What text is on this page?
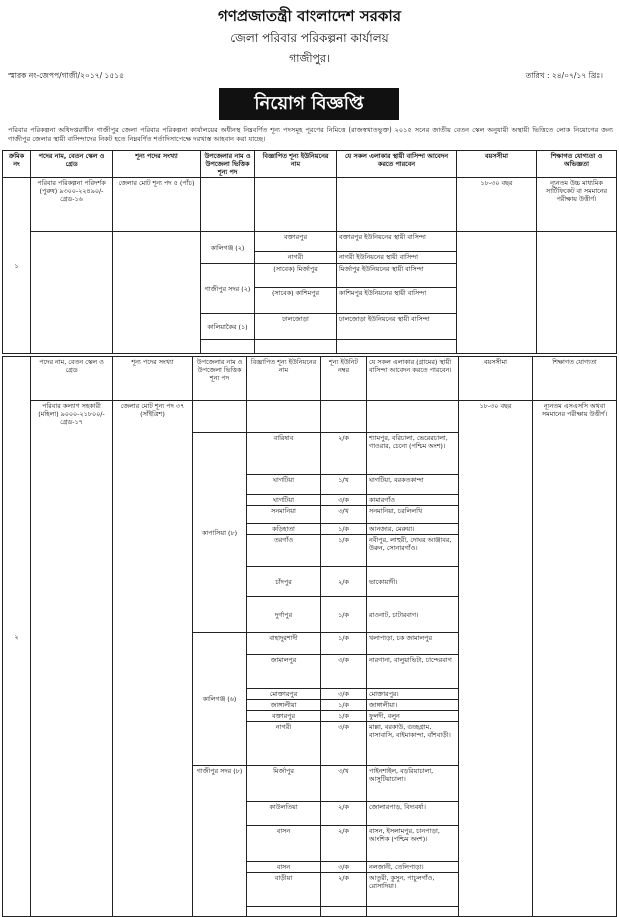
গণপ্রজাতন্ত্রী বাংলাদেশ সরকার
জেলা পরিবার পরিকল্পনা কার্যালয়
গাজীপুর।
স্মারক নং-জেপপ/গাজী/২০১৭/ ১৫১৫	তারিখ : ২৪/০৭/১৭ খ্রিঃ।
নিয়োগ বিজ্ঞপ্তি
পরিবার পরিকল্পনা অধিদপ্তরাধীন গাজীপুর জেলা পরিবার পরিকল্পনা কার্যালয়ের অধীনস্থ নিম্নবর্ণিত শূন্য পদসমূহ পূরণের নিমিত্তে (রাজস্বখাতভুক্ত) ২০১৫ সনের জাতীয় বেতন স্কেল অনুযায়ী অস্থায়ী ভিত্তিতে লোক নিয়োগের জন্য গাজীপুর জেলার স্থায়ী বাসিন্দাদের নিকট হতে নিম্নবর্ণিত শর্তাদিসাপেক্ষে দরখাস্ত আহবান করা যাচ্ছে।
ক্রমিক নং	পদের নাম, বেতন স্কেল ও গ্রেড	শূন্য পদের সংখ্যা	উপজেলার নাম ও উপজেলা ভিত্তিক শূন্য পদ	বিজ্ঞাপিত শূন্য ইউনিয়নের নাম	যে সকল এলাকার স্থায়ী বাসিন্দা আবেদন করতে পারবেন	বয়সসীমা	শিক্ষাগত যোগ্যতা ও অভিজ্ঞতা
১	পরিবার পরিকল্পনা পরিদর্শক (পুরুষ) ৯৩০০-২২৪৯০/- গ্রেড-১৬	জেলার মোট শূন্য পদ ৫ (পাঁচ)				১৮-৩০ বছর	ন্যূনতম উচ্চ মাধ্যমিক সার্টিফিকেট বা সমমানের পরীক্ষায় উত্তীর্ণ।
			কালিগঞ্জ (২)	বক্তারপুর	বক্তারপুর ইউনিয়নের স্থায়ী বাসিন্দা		
				নাগরী	নাগরী ইউনিয়নের স্থায়ী বাসিন্দা		
			গাজীপুর সদর (২)	(সাবেক) মির্জাপুর	মির্জাপুর ইউনিয়নের স্থায়ী বাসিন্দা		
				(সাবেক) কাশিমপুর	কাশিমপুর ইউনিয়নের স্থায়ী বাসিন্দা		
			কালিয়াকৈর (১)	ঢালজোড়া	ঢালজোড়া ইউনিয়নের স্থায়ী বাসিন্দা		

২	পদের নাম, বেতন স্কেল ও গ্রেড	শূন্য পদের সংখ্যা	উপজেলার নাম ও উপজেলা ভিত্তিক শূন্য পদ	বিজ্ঞাপিত শূন্য ইউনিয়নের নাম	শূন্য ইউনিট নম্বর	যে সকল এলাকার (গ্রামের) স্থায়ী বাসিন্দা আবেদন করতে পারবেন।	বয়সসীমা	শিক্ষাগত যোগ্যতা
	পরিবার কল্যাণ সহকারী (মহিলা) ৯০০০-২১৮০০/- গ্রেড-১৭	জেলার মোট শূন্য পদ ৩৭ (সাঁইত্রিশ)					১৮-৩০ বছর	ন্যূনতম এসএসসি অথবা সমমানের পরীক্ষায় উত্তীর্ণ।
			কাপাসিয়া (৮)	বারিষাব	২/ক	শ্যামপুর, বরিচালা, ভেরেরচালা, গাওরার, চেনো (পশ্চিম অংশ)।		
				ঘাগটিয়া	১/খ	ঘাগটিয়া, বরকতকান্দা		
				ঘাগটিয়া	৩/ক	কামারগাঁও		
				সনমানিয়া	৩/খ	সনমানিয়া, চরলিলখি		
				কড়িহাতা	১/ক	আনজার, মেরুয়া।		
				তরগাঁও	১/ক	নবীপুর, লাহুরী, দোঘর আঞ্জাবর, উরুন, সোনারগাঁও।		
				চাঁদপুর	২/ক	ভাকোয়াদী।		
				দুর্গাপুর	১/ক	রাওনাট, চাটারবাগ।		
			কালিগঞ্জ (৬)	বাহাদুরশাদী	১/ক	খলাপাড়া, চক জামালপুর		
				জামালপুর	৩/ক	নারগানা, বালুয়াভিটা, চান্দেরবাগ		
				মোক্তারপুর	৩/ক	মোক্তারপুর।		
				জাঙ্গালীয়া	১/ক	জাঙ্গালীয়া।		
				বক্তারপুর	১/ক	ফুলদী, বলুন		
				নাগরী	৩/ক	মাল্লা, বরকাউ, গুচ্ছগ্রাম, বাসাবাসি, বাইমাকান্দা, বাঁশবাড়ী।		
			গাজীপুর সদর (৮)	মির্জাপুর	৩/খ	পাইনশাইল, বড়রিয়াচালা, আসুটিয়াচালা।		
				কাউলতিয়া	২/ক	জোলারপাড়, বিদ্যবর্ষা।		
				বাসন	২/ক	বাসন, ইসলামপুর, চানপাড়া, আংশিক (পশ্চিম অংশ)।		
				বাসন	৩/ক	নলজানী, তেলিপাড়া।		
				বাড়ীয়া	২/ক	আতুরী, কুসুন, পাচুলগাঁও, রোসাদিয়া।		
